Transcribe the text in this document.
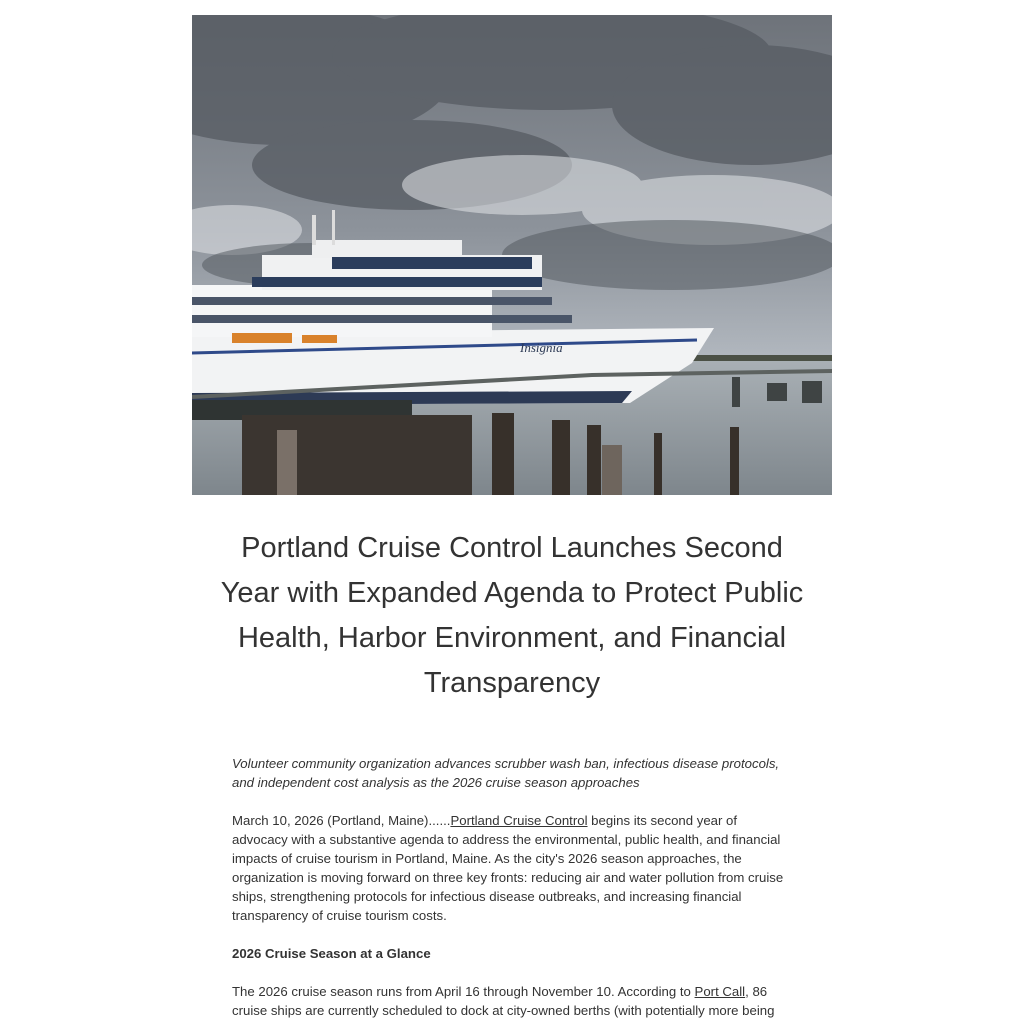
Insignia
Portland Cruise Control Launches Second Year with Expanded Agenda to Protect Public Health, Harbor Environment, and Financial Transparency

Volunteer community organization advances scrubber wash ban, infectious disease protocols, and independent cost analysis as the 2026 cruise season approaches

March 10, 2026 (Portland, Maine)......Portland Cruise Control begins its second year of advocacy with a substantive agenda to address the environmental, public health, and financial impacts of cruise tourism in Portland, Maine. As the city's 2026 season approaches, the organization is moving forward on three key fronts: reducing air and water pollution from cruise ships, strengthening protocols for infectious disease outbreaks, and increasing financial transparency of cruise tourism costs.

2026 Cruise Season at a Glance

The 2026 cruise season runs from April 16 through November 10. According to Port Call, 86 cruise ships are currently scheduled to dock at city-owned berths (with potentially more being
